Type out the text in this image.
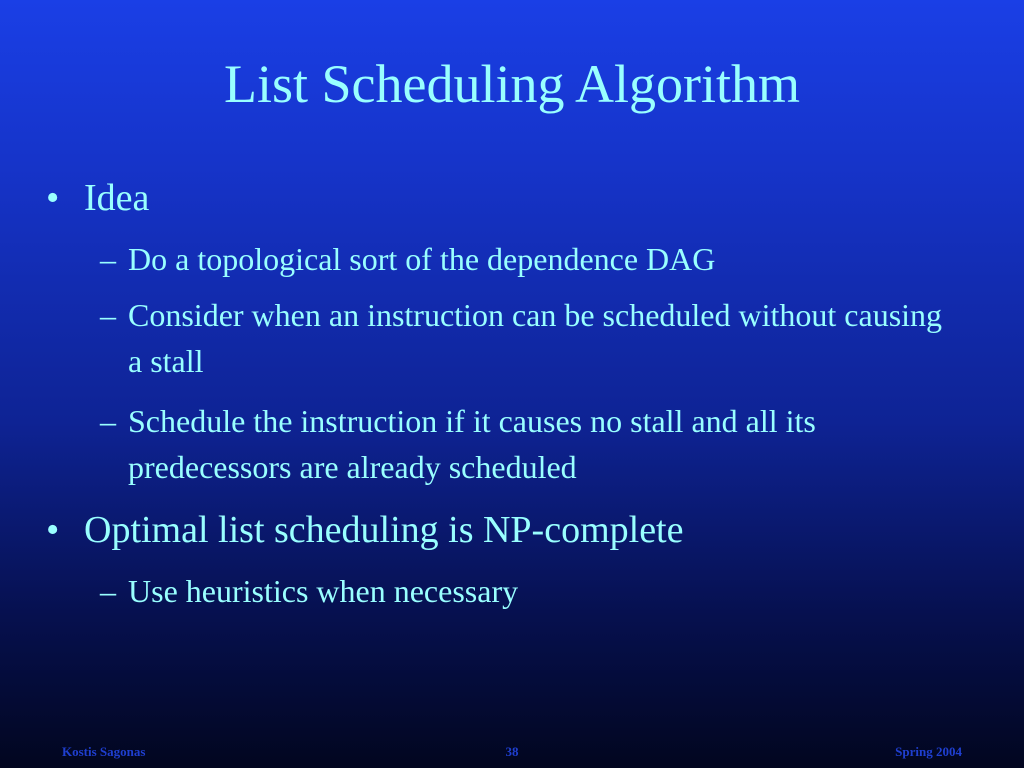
List Scheduling Algorithm
• Idea
– Do a topological sort of the dependence DAG
– Consider when an instruction can be scheduled without causing a stall
– Schedule the instruction if it causes no stall and all its predecessors are already scheduled
• Optimal list scheduling is NP-complete
– Use heuristics when necessary
Kostis Sagonas	38	Spring 2004
